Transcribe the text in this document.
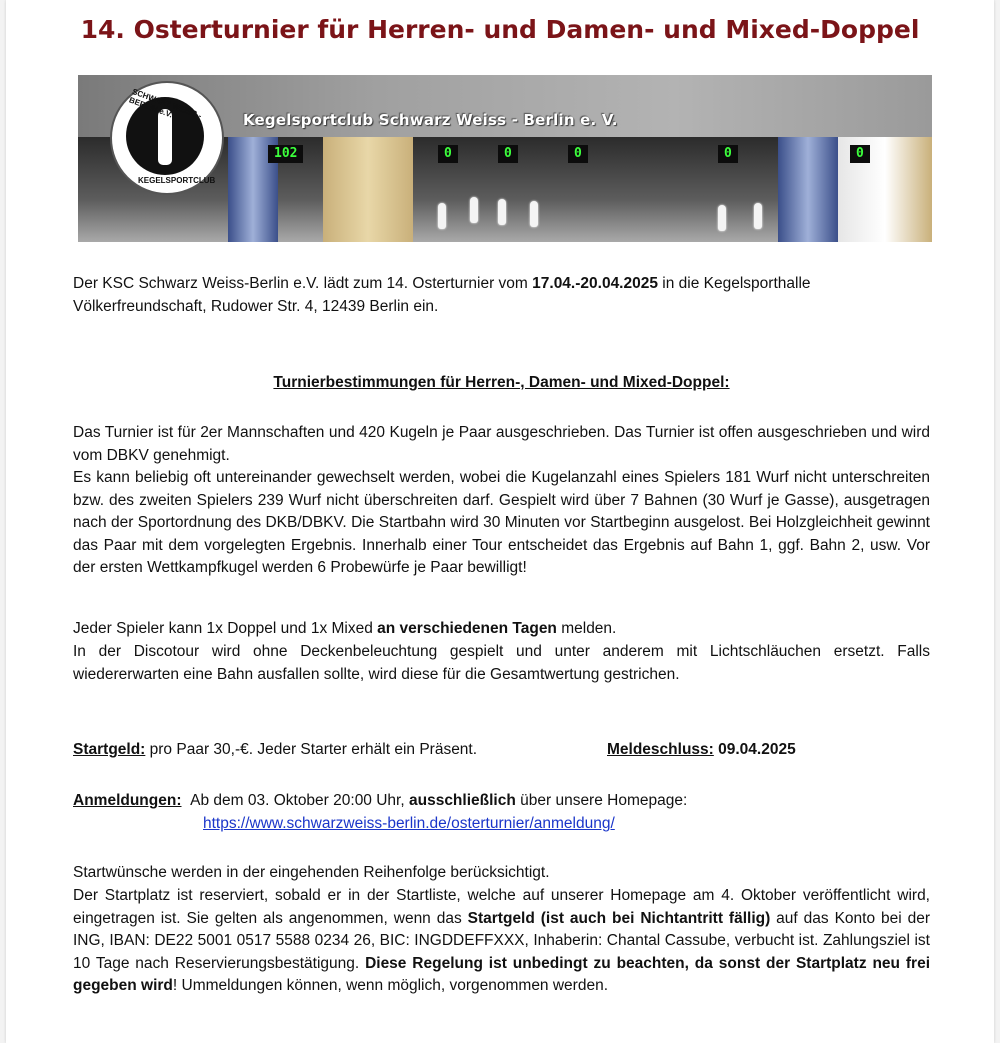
14. Osterturnier für Herren- und Damen- und Mixed-Doppel
102	0	0	0	0	0
Kegelsportclub Schwarz Weiss - Berlin e. V.
SCHWARZ WEISS - BERLIN e.V.
KEGELSPORTCLUB

Der KSC Schwarz Weiss-Berlin e.V. lädt zum 14. Osterturnier vom 17.04.-20.04.2025 in die Kegelsporthalle Völkerfreundschaft, Rudower Str. 4, 12439 Berlin ein.

Turnierbestimmungen für Herren-, Damen- und Mixed-Doppel:

Das Turnier ist für 2er Mannschaften und 420 Kugeln je Paar ausgeschrieben. Das Turnier ist offen ausgeschrieben und wird vom DBKV genehmigt.

Es kann beliebig oft untereinander gewechselt werden, wobei die Kugelanzahl eines Spielers 181 Wurf nicht unterschreiten bzw. des zweiten Spielers 239 Wurf nicht überschreiten darf. Gespielt wird über 7 Bahnen (30 Wurf je Gasse), ausgetragen nach der Sportordnung des DKB/DBKV. Die Startbahn wird 30 Minuten vor Startbeginn ausgelost. Bei Holzgleichheit gewinnt das Paar mit dem vorgelegten Ergebnis. Innerhalb einer Tour entscheidet das Ergebnis auf Bahn 1, ggf. Bahn 2, usw. Vor der ersten Wettkampfkugel werden 6 Probewürfe je Paar bewilligt!

Jeder Spieler kann 1x Doppel und 1x Mixed an verschiedenen Tagen melden.

In der Discotour wird ohne Deckenbeleuchtung gespielt und unter anderem mit Lichtschläuchen ersetzt. Falls wiedererwarten eine Bahn ausfallen sollte, wird diese für die Gesamtwertung gestrichen.

Startgeld: pro Paar 30,-€. Jeder Starter erhält ein Präsent.	Meldeschluss: 09.04.2025

Anmeldungen: Ab dem 03. Oktober 20:00 Uhr, ausschließlich über unsere Homepage:

https://www.schwarzweiss-berlin.de/osterturnier/anmeldung/

Startwünsche werden in der eingehenden Reihenfolge berücksichtigt.

Der Startplatz ist reserviert, sobald er in der Startliste, welche auf unserer Homepage am 4. Oktober veröffentlicht wird, eingetragen ist. Sie gelten als angenommen, wenn das Startgeld (ist auch bei Nichtantritt fällig) auf das Konto bei der ING, IBAN: DE22 5001 0517 5588 0234 26, BIC: INGDDEFFXXX, Inhaberin: Chantal Cassube, verbucht ist. Zahlungsziel ist 10 Tage nach Reservierungsbestätigung. Diese Regelung ist unbedingt zu beachten, da sonst der Startplatz neu frei gegeben wird! Ummeldungen können, wenn möglich, vorgenommen werden.
